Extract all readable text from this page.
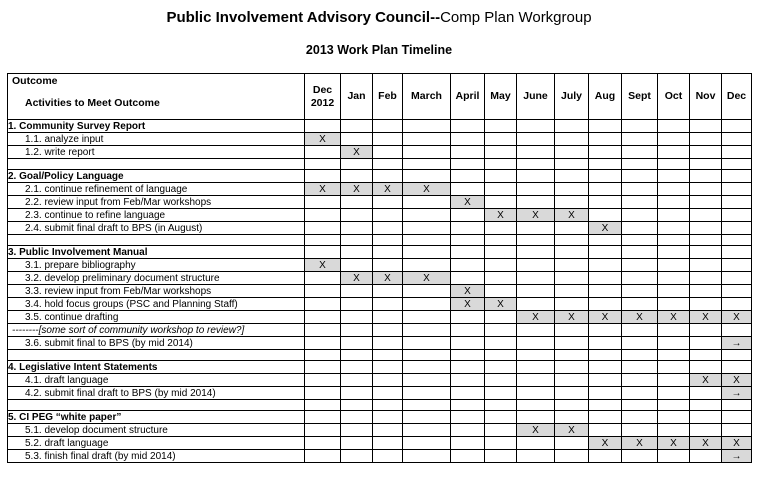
Public Involvement Advisory Council--Comp Plan Workgroup
2013 Work Plan Timeline
Outcome
Activities to Meet Outcome	Dec
2012	Jan	Feb	March	April	May	June	July	Aug	Sept	Oct	Nov	Dec
1. Community Survey Report													
1.1. analyze input	X												
1.2. write report		X											

2. Goal/Policy Language													
2.1. continue refinement of language	X	X	X	X									
2.2. review input from Feb/Mar workshops					X								
2.3. continue to refine language						X	X	X					
2.4. submit final draft to BPS (in August)									X				

3. Public Involvement Manual													
3.1. prepare bibliography	X												
3.2. develop preliminary document structure		X	X	X									
3.3. review input from Feb/Mar workshops					X								
3.4. hold focus groups (PSC and Planning Staff)					X	X							
3.5. continue drafting							X	X	X	X	X	X	X
--------[some sort of community workshop to review?]													
3.6. submit final to BPS (by mid 2014)													→

4. Legislative Intent Statements													
4.1. draft language												X	X
4.2. submit final draft to BPS (by mid 2014)													→

5. CI PEG “white paper”													
5.1. develop document structure							X	X					
5.2. draft language									X	X	X	X	X
5.3. finish final draft (by mid 2014)													→
